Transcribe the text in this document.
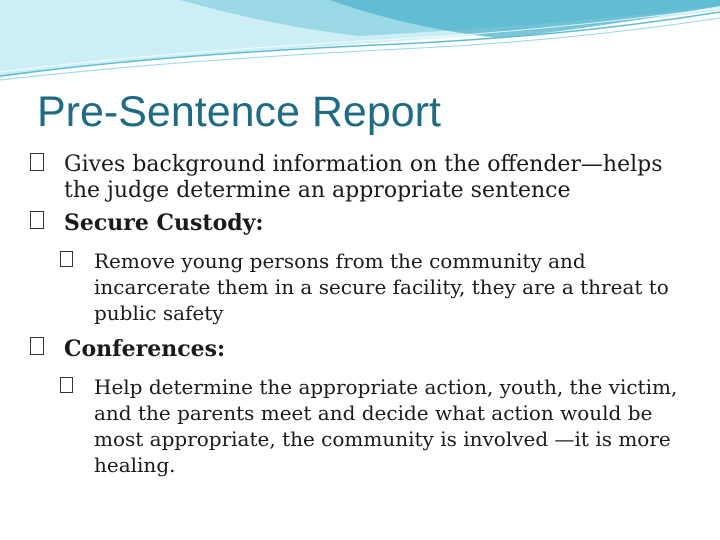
Pre-Sentence Report
Gives background information on the offender—helps the judge determine an appropriate sentence
Secure Custody:
Remove young persons from the community and incarcerate them in a secure facility, they are a threat to public safety
Conferences:
Help determine the appropriate action, youth, the victim, and the parents meet and decide what action would be most appropriate, the community is involved —it is more healing.
